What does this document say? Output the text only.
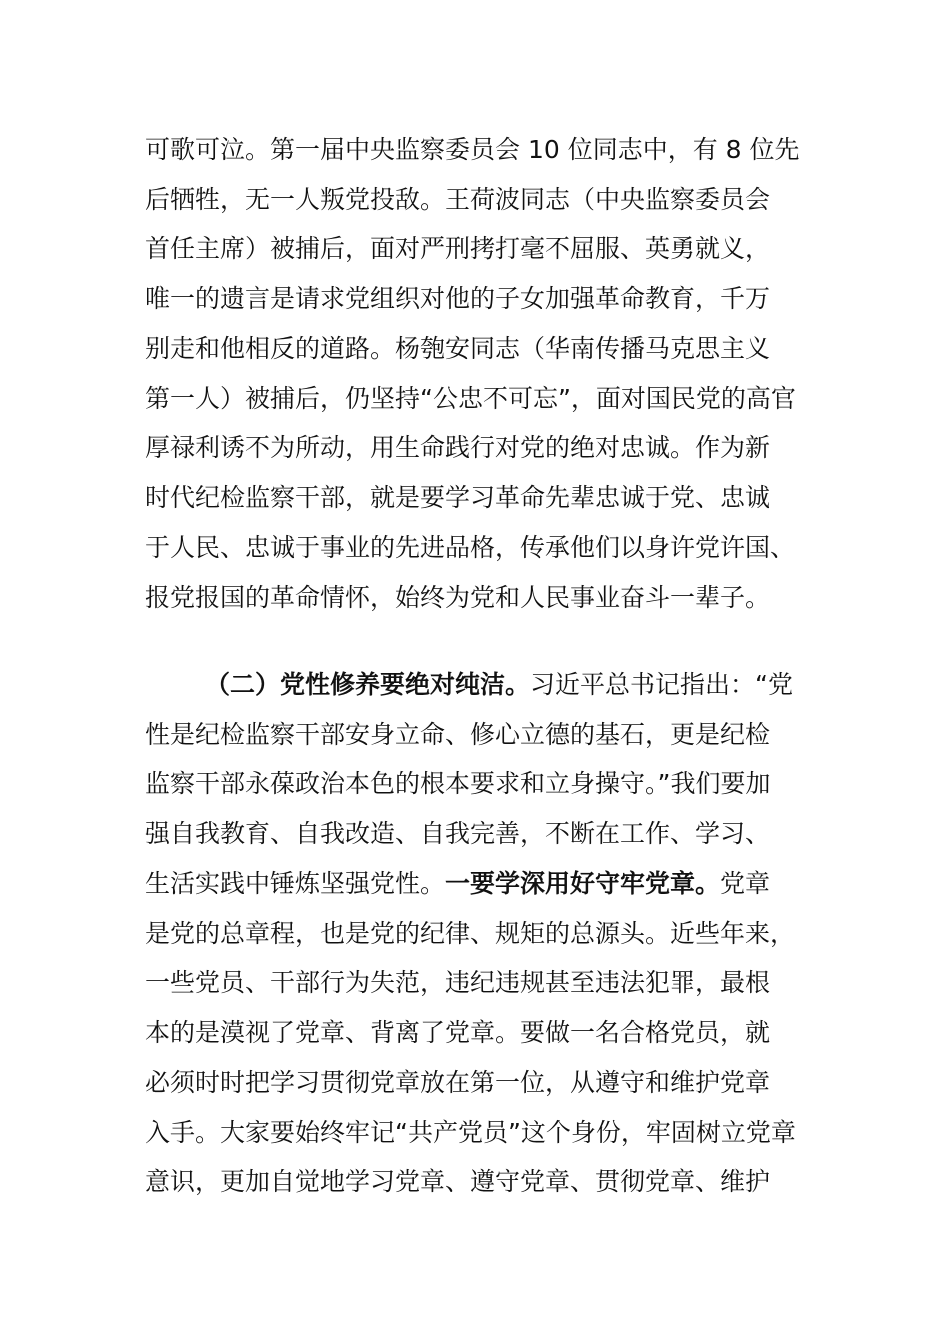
可歌可泣。第一届中央监察委员会 10 位同志中，有 8 位先
后牺牲，无一人叛党投敌。王荷波同志（中央监察委员会
首任主席）被捕后，面对严刑拷打毫不屈服、英勇就义，
唯一的遗言是请求党组织对他的子女加强革命教育，千万
别走和他相反的道路。杨匏安同志（华南传播马克思主义
第一人）被捕后，仍坚持“公忠不可忘”，面对国民党的高官
厚禄利诱不为所动，用生命践行对党的绝对忠诚。作为新
时代纪检监察干部，就是要学习革命先辈忠诚于党、忠诚
于人民、忠诚于事业的先进品格，传承他们以身许党许国、
报党报国的革命情怀，始终为党和人民事业奋斗一辈子。
（二）党性修养要绝对纯洁。习近平总书记指出：“党
性是纪检监察干部安身立命、修心立德的基石，更是纪检
监察干部永葆政治本色的根本要求和立身操守。”我们要加
强自我教育、自我改造、自我完善，不断在工作、学习、
生活实践中锤炼坚强党性。一要学深用好守牢党章。党章
是党的总章程，也是党的纪律、规矩的总源头。近些年来，
一些党员、干部行为失范，违纪违规甚至违法犯罪，最根
本的是漠视了党章、背离了党章。要做一名合格党员，就
必须时时把学习贯彻党章放在第一位，从遵守和维护党章
入手。大家要始终牢记“共产党员”这个身份，牢固树立党章
意识，更加自觉地学习党章、遵守党章、贯彻党章、维护
